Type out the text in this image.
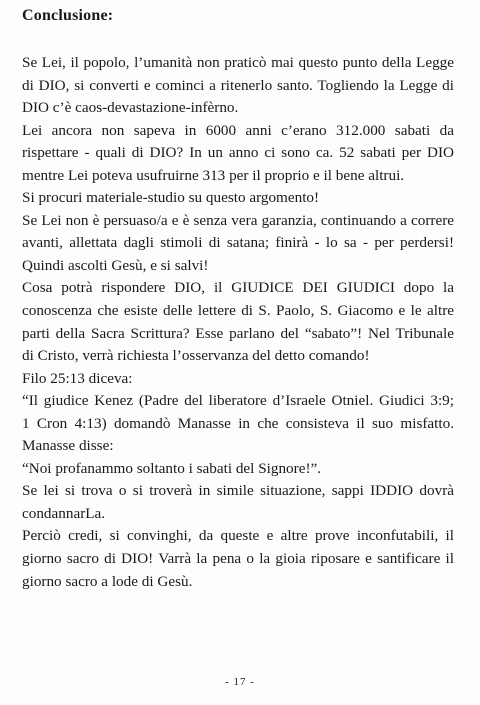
Conclusione:
Se Lei, il popolo, l’umanità non praticò mai questo punto della Legge
di DIO, si converti e cominci a ritenerlo santo. Togliendo la Legge di
DIO c’è caos-devastazione-infèrno.
Lei ancora non sapeva in 6000 anni c’erano 312.000 sabati da
rispettare - quali di DIO? In un anno ci sono ca. 52 sabati per DIO
mentre Lei poteva usufruirne 313 per il proprio e il bene altrui.
Si procuri materiale-studio su questo argomento!
Se Lei non è persuaso/a e è senza vera garanzia, continuando a correre
avanti, allettata dagli stimoli di satana; finirà - lo sa - per perdersi!
Quindi ascolti Gesù, e si salvi!
Cosa potrà rispondere DIO, il GIUDICE DEI GIUDICI dopo la
conoscenza che esiste delle lettere di S. Paolo, S. Giacomo e le altre
parti della Sacra Scrittura? Esse parlano del “sabato”! Nel Tribunale
di Cristo, verrà richiesta l’osservanza del detto comando!
Filo 25:13 diceva:
“Il giudice Kenez (Padre del liberatore d’Israele Otniel. Giudici 3:9;
1 Cron 4:13) domandò Manasse in che consisteva il suo misfatto.
Manasse disse:
“Noi profanammo soltanto i sabati del Signore!”.
Se lei si trova o si troverà in simile situazione, sappi IDDIO dovrà
condannarLa.
Perciò credi, si convinghi, da queste e altre prove inconfutabili, il
giorno sacro di DIO! Varrà la pena o la gioia riposare e santificare il
giorno sacro a lode di Gesù.
- 17 -
